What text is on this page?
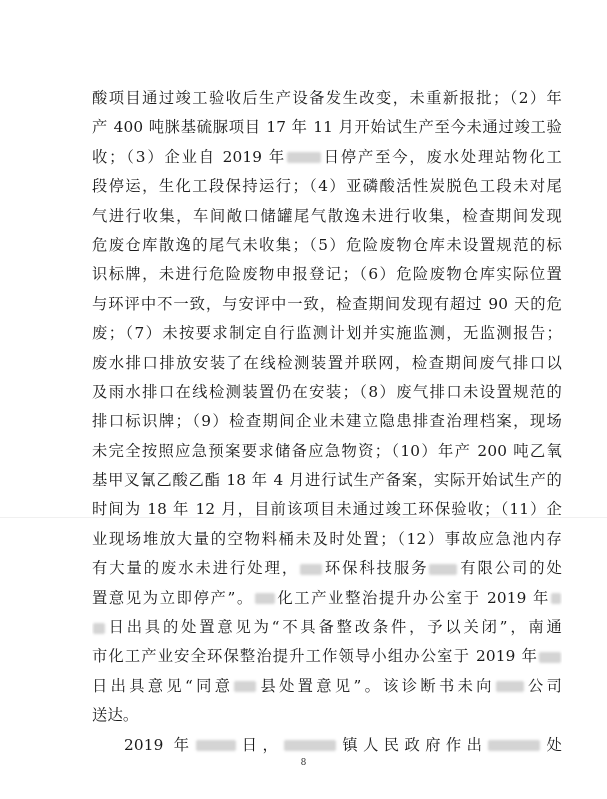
酸项目通过竣工验收后生产设备发生改变，未重新报批；（2）年
产 400 吨脒基硫脲项目 17 年 11 月开始试生产至今未通过竣工验
收；（3）企业自 2019 年 日停产至今，废水处理站物化工
段停运，生化工段保持运行；（4）亚磷酸活性炭脱色工段未对尾
气进行收集，车间敞口储罐尾气散逸未进行收集，检查期间发现
危废仓库散逸的尾气未收集；（5）危险废物仓库未设置规范的标
识标牌，未进行危险废物申报登记；（6）危险废物仓库实际位置
与环评中不一致，与安评中一致，检查期间发现有超过 90 天的危
废；（7）未按要求制定自行监测计划并实施监测，无监测报告；
废水排口排放安装了在线检测装置并联网，检查期间废气排口以
及雨水排口在线检测装置仍在安装；（8）废气排口未设置规范的
排口标识牌；（9）检查期间企业未建立隐患排查治理档案，现场
未完全按照应急预案要求储备应急物资；（10）年产 200 吨乙氧
基甲叉氰乙酸乙酯 18 年 4 月进行试生产备案，实际开始试生产的
时间为 18 年 12 月，目前该项目未通过竣工环保验收；（11）企
业现场堆放大量的空物料桶未及时处置；（12）事故应急池内存
有大量的废水未进行处理， 环保科技服务 有限公司的处
置意见为立即停产”。 化工产业整治提升办公室于 2019 年
日出具的处置意见为“不具备整改条件，予以关闭”，南通
市化工产业安全环保整治提升工作领导小组办公室于 2019 年
日出具意见“同意 县处置意见”。该诊断书未向 公司
送达。
2019 年	日，	镇人民政府作出	处
8
